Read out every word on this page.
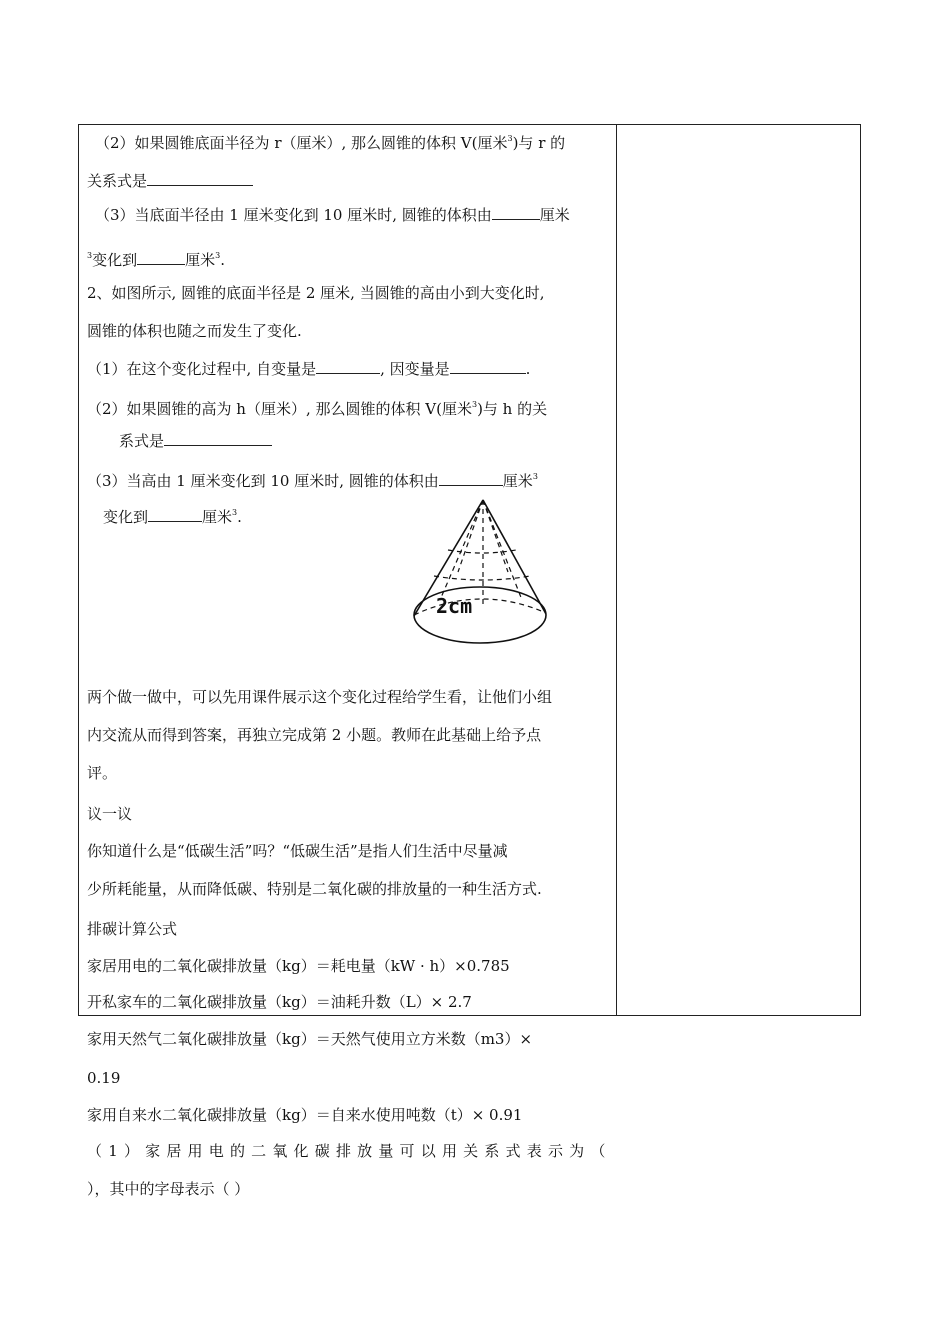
（2）如果圆锥底面半径为 r（厘米）, 那么圆锥的体积 V(厘米$^3$)与 r 的
关系式是
（3）当底面半径由 1 厘米变化到 10 厘米时, 圆锥的体积由	厘米
$^3$变化到	厘米$^3$.
2、如图所示, 圆锥的底面半径是 2 厘米, 当圆锥的高由小到大变化时,
圆锥的体积也随之而发生了变化.
（1）在这个变化过程中, 自变量是	, 因变量是	.
（2）如果圆锥的高为 h（厘米）, 那么圆锥的体积 V(厘米$^3$)与 h 的关
系式是
（3）当高由 1 厘米变化到 10 厘米时, 圆锥的体积由	厘米$^3$
变化到	厘米$^3$.
两个做一做中，可以先用课件展示这个变化过程给学生看，让他们小组
内交流从而得到答案，再独立完成第 2 小题。教师在此基础上给予点
评。
议一议
你知道什么是“低碳生活”吗？“低碳生活”是指人们生活中尽量减
少所耗能量，从而降低碳、特别是二氧化碳的排放量的一种生活方式.
排碳计算公式
家居用电的二氧化碳排放量（kg）＝耗电量（kW · h）×0.785
开私家车的二氧化碳排放量（kg）＝油耗升数（L）× 2.7
家用天然气二氧化碳排放量（kg）＝天然气使用立方米数（m3）×
0.19
家用自来水二氧化碳排放量（kg）＝自来水使用吨数（t）× 0.91
（1）家居用电的二氧化碳排放量可以用关系式表示为（
），其中的字母表示（ ）
2cm
